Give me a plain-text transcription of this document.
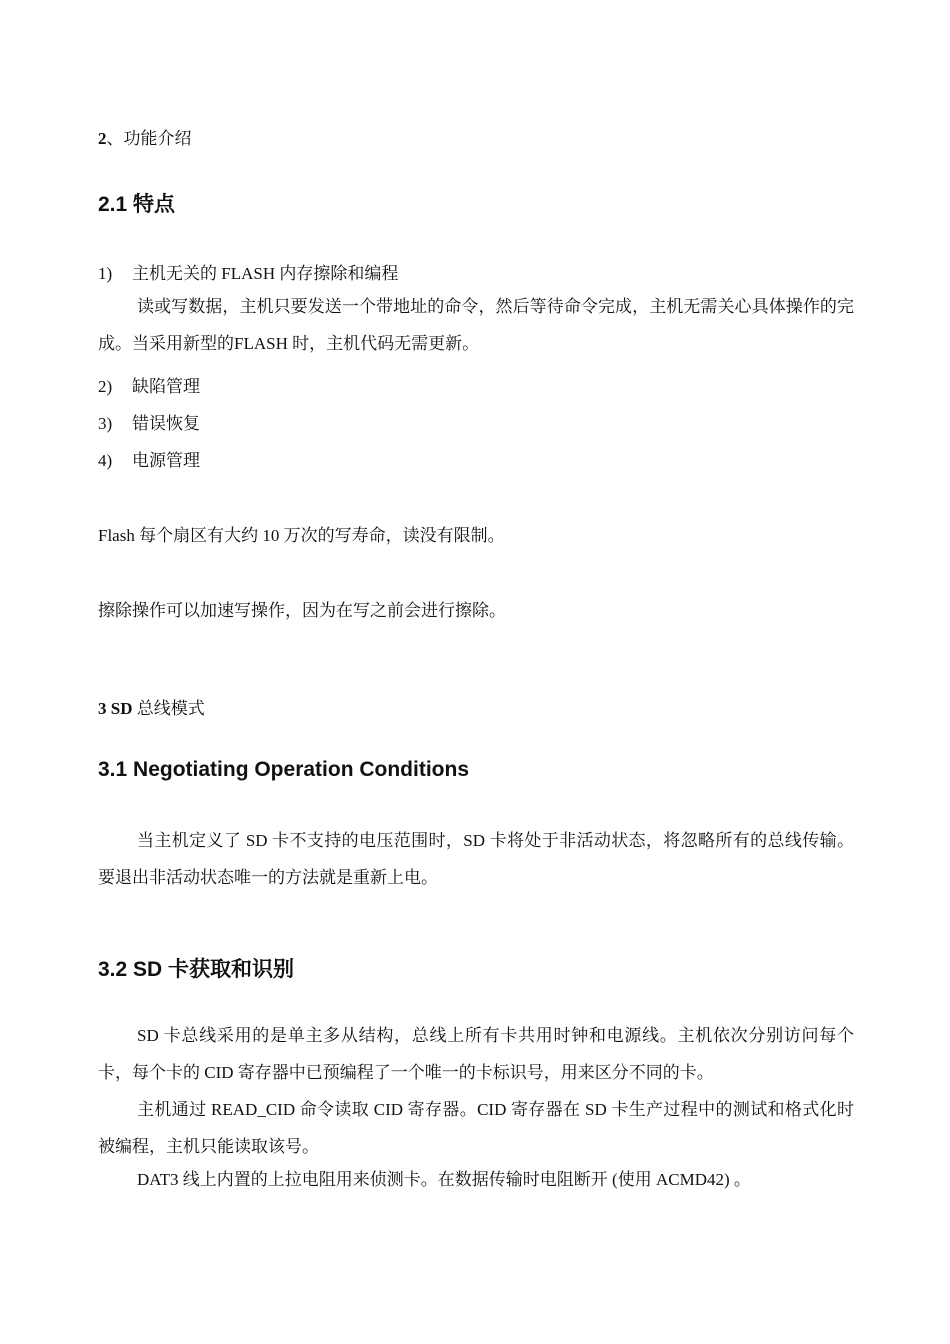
2、功能介绍
2.1 特点
1) 主机无关的 FLASH 内存擦除和编程
读或写数据，主机只要发送一个带地址的命令，然后等待命令完成，主机无需关心具体操作的完成。当采用新型的FLASH 时，主机代码无需更新。
2) 缺陷管理
3) 错误恢复
4) 电源管理
Flash 每个扇区有大约 10 万次的写寿命，读没有限制。
擦除操作可以加速写操作，因为在写之前会进行擦除。
3 SD 总线模式
3.1 Negotiating Operation Conditions
当主机定义了 SD 卡不支持的电压范围时，SD 卡将处于非活动状态，将忽略所有的总线传输。要退出非活动状态唯一的方法就是重新上电。
3.2 SD 卡获取和识别
SD 卡总线采用的是单主多从结构，总线上所有卡共用时钟和电源线。主机依次分别访问每个卡，每个卡的 CID 寄存器中已预编程了一个唯一的卡标识号，用来区分不同的卡。
主机通过 READ_CID 命令读取 CID 寄存器。CID 寄存器在 SD 卡生产过程中的测试和格式化时被编程，主机只能读取该号。
DAT3 线上内置的上拉电阻用来侦测卡。在数据传输时电阻断开 (使用 ACMD42) 。
